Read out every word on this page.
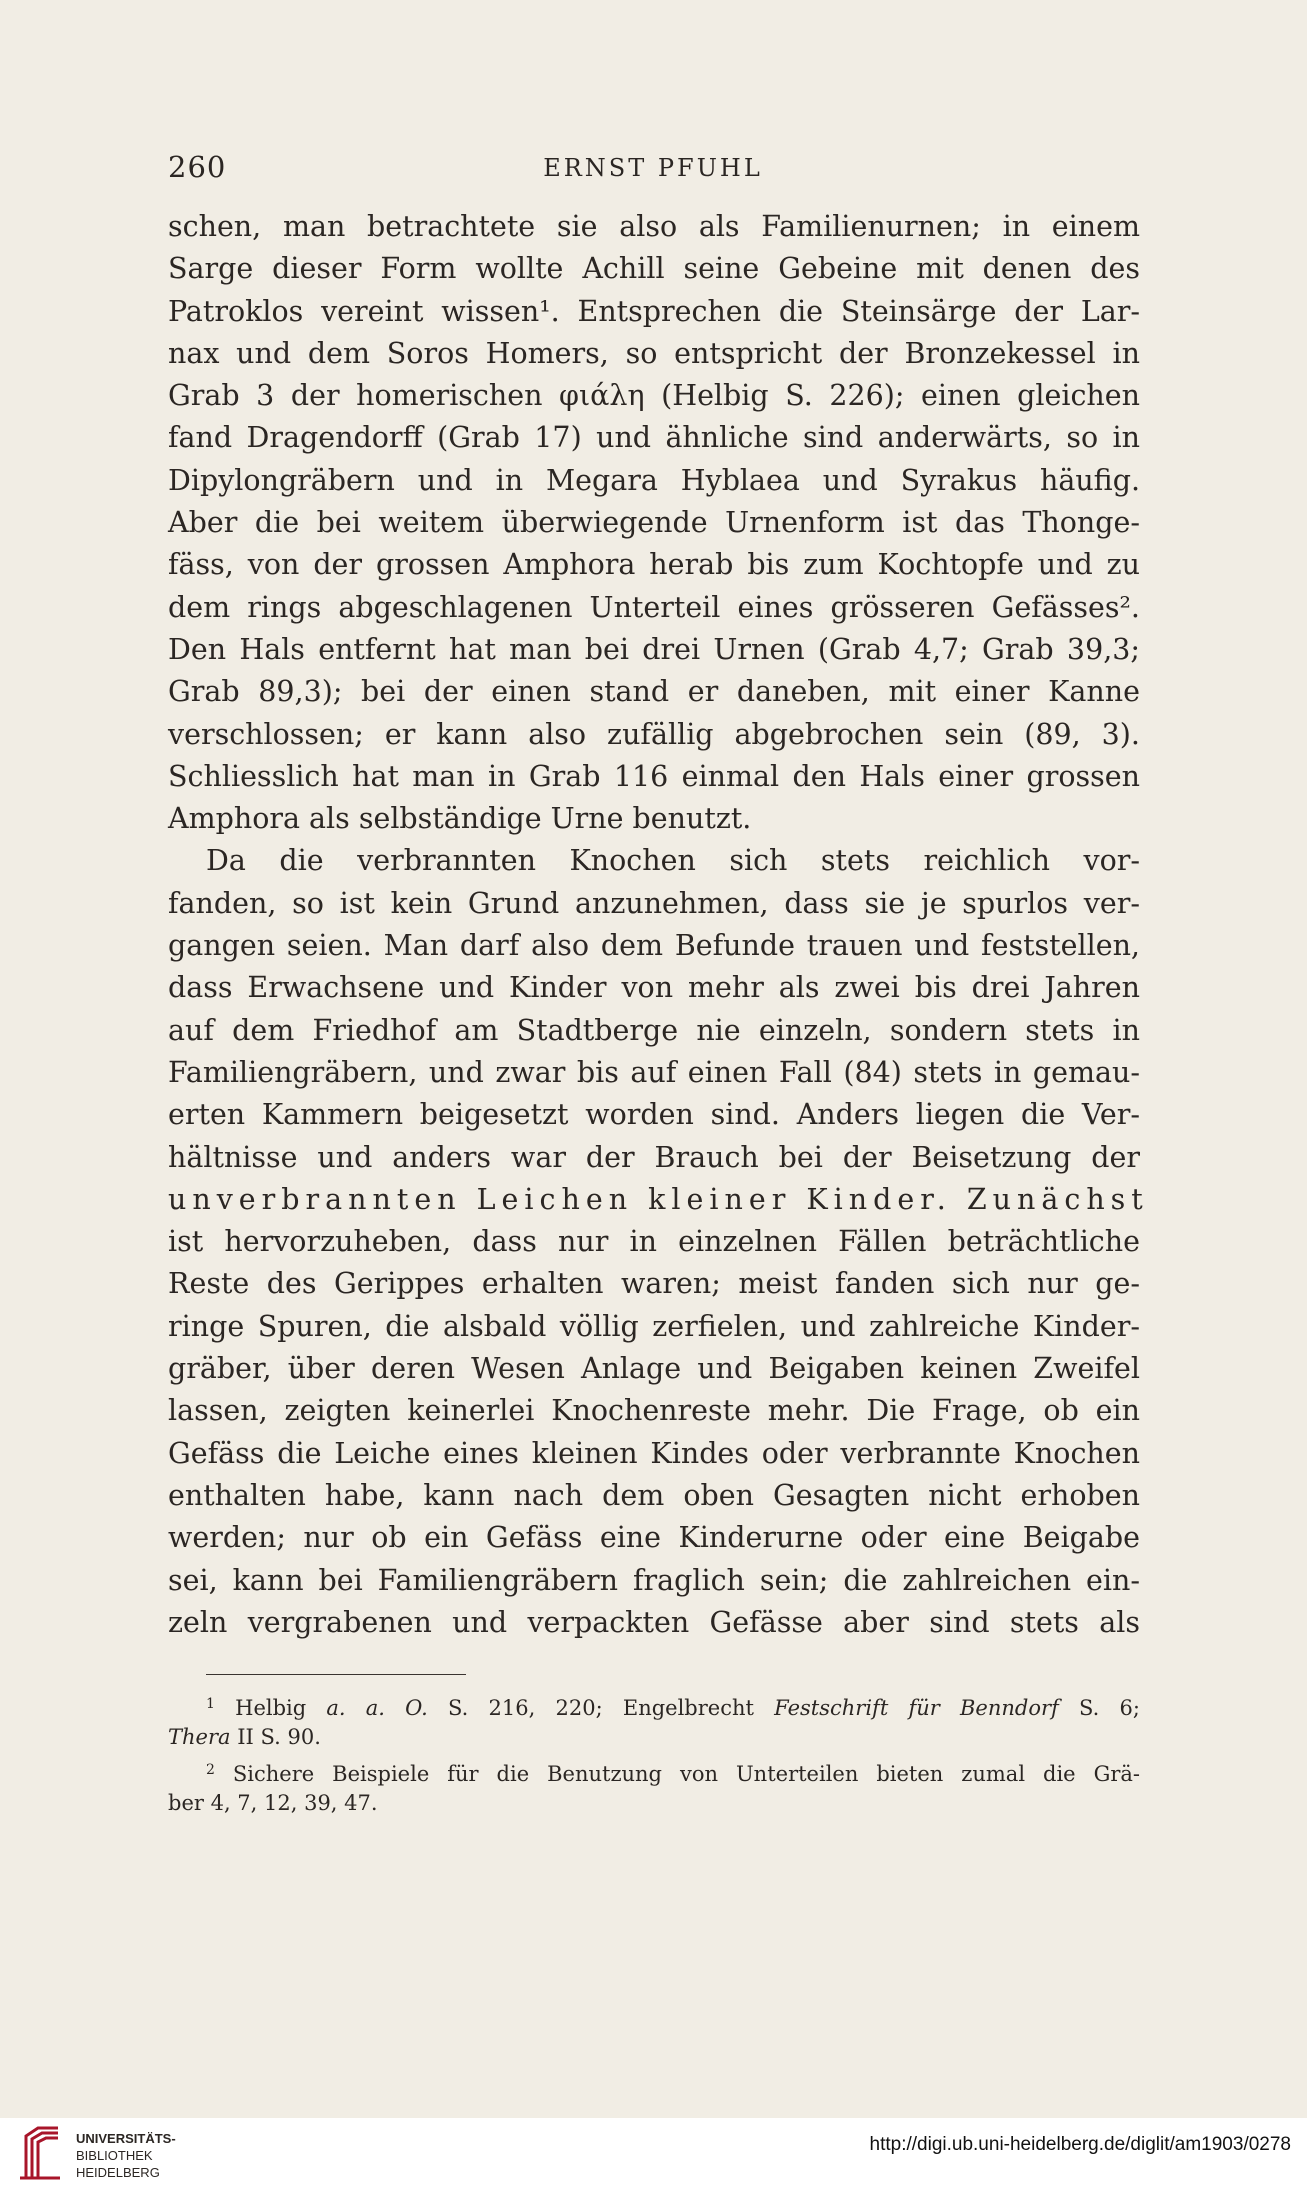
260	ERNST PFUHL
schen, man betrachtete sie also als Familienurnen; in einem
Sarge dieser Form wollte Achill seine Gebeine mit denen des
Patroklos vereint wissen¹. Entsprechen die Steinsärge der Lar-
nax und dem Soros Homers, so entspricht der Bronzekessel in
Grab 3 der homerischen φιάλη (Helbig S. 226); einen gleichen
fand Dragendorff (Grab 17) und ähnliche sind anderwärts, so in
Dipylongräbern und in Megara Hyblaea und Syrakus häufig.
Aber die bei weitem überwiegende Urnenform ist das Thonge-
fäss, von der grossen Amphora herab bis zum Kochtopfe und zu
dem rings abgeschlagenen Unterteil eines grösseren Gefässes².
Den Hals entfernt hat man bei drei Urnen (Grab 4,7; Grab 39,3;
Grab 89,3); bei der einen stand er daneben, mit einer Kanne
verschlossen; er kann also zufällig abgebrochen sein (89, 3).
Schliesslich hat man in Grab 116 einmal den Hals einer grossen
Amphora als selbständige Urne benutzt.
Da die verbrannten Knochen sich stets reichlich vor-
fanden, so ist kein Grund anzunehmen, dass sie je spurlos ver-
gangen seien. Man darf also dem Befunde trauen und feststellen,
dass Erwachsene und Kinder von mehr als zwei bis drei Jahren
auf dem Friedhof am Stadtberge nie einzeln, sondern stets in
Familiengräbern, und zwar bis auf einen Fall (84) stets in gemau-
erten Kammern beigesetzt worden sind. Anders liegen die Ver-
hältnisse und anders war der Brauch bei der Beisetzung der
unverbrannten Leichen kleiner Kinder. Zunächst
ist hervorzuheben, dass nur in einzelnen Fällen beträchtliche
Reste des Gerippes erhalten waren; meist fanden sich nur ge-
ringe Spuren, die alsbald völlig zerfielen, und zahlreiche Kinder-
gräber, über deren Wesen Anlage und Beigaben keinen Zweifel
lassen, zeigten keinerlei Knochenreste mehr. Die Frage, ob ein
Gefäss die Leiche eines kleinen Kindes oder verbrannte Knochen
enthalten habe, kann nach dem oben Gesagten nicht erhoben
werden; nur ob ein Gefäss eine Kinderurne oder eine Beigabe
sei, kann bei Familiengräbern fraglich sein; die zahlreichen ein-
zeln vergrabenen und verpackten Gefässe aber sind stets als
$^1$ Helbig a. a. O. S. 216, 220; Engelbrecht Festschrift für Benndorf S. 6;
Thera II S. 90.
$^2$ Sichere Beispiele für die Benutzung von Unterteilen bieten zumal die Grä-
ber 4, 7, 12, 39, 47.
UNIVERSITÄTS-
BIBLIOTHEK
HEIDELBERG
http://digi.ub.uni-heidelberg.de/diglit/am1903/0278
